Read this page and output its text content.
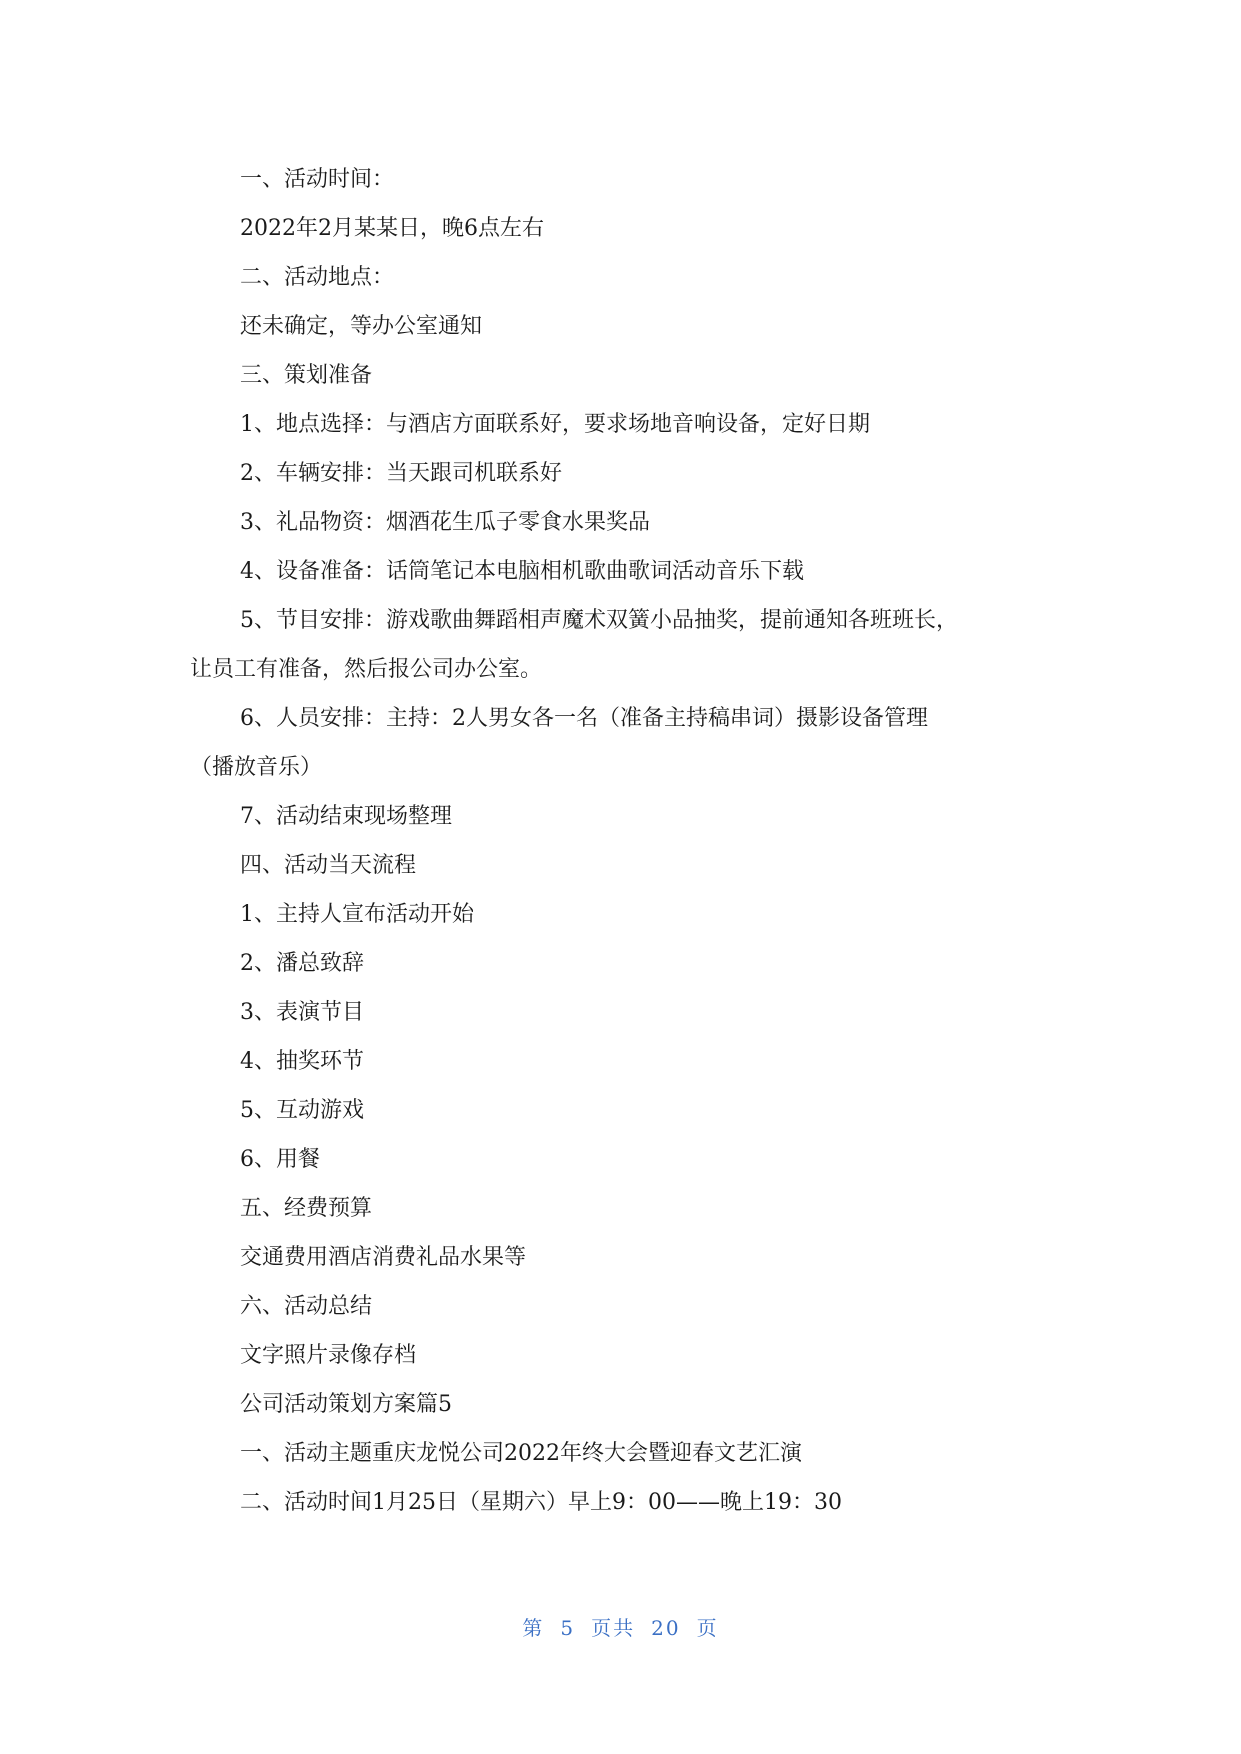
一、活动时间：

2022年2月某某日，晚6点左右

二、活动地点：

还未确定，等办公室通知

三、策划准备

1、地点选择：与酒店方面联系好，要求场地音响设备，定好日期

2、车辆安排：当天跟司机联系好

3、礼品物资：烟酒花生瓜子零食水果奖品

4、设备准备：话筒笔记本电脑相机歌曲歌词活动音乐下载

5、节目安排：游戏歌曲舞蹈相声魔术双簧小品抽奖，提前通知各班班长，

让员工有准备，然后报公司办公室。

6、人员安排：主持：2人男女各一名（准备主持稿串词）摄影设备管理

（播放音乐）

7、活动结束现场整理

四、活动当天流程

1、主持人宣布活动开始

2、潘总致辞

3、表演节目

4、抽奖环节

5、互动游戏

6、用餐

五、经费预算

交通费用酒店消费礼品水果等

六、活动总结

文字照片录像存档

公司活动策划方案篇5

一、活动主题重庆龙悦公司2022年终大会暨迎春文艺汇演

二、活动时间1月25日（星期六）早上9：00——晚上19：30

第 5 页共 20 页
